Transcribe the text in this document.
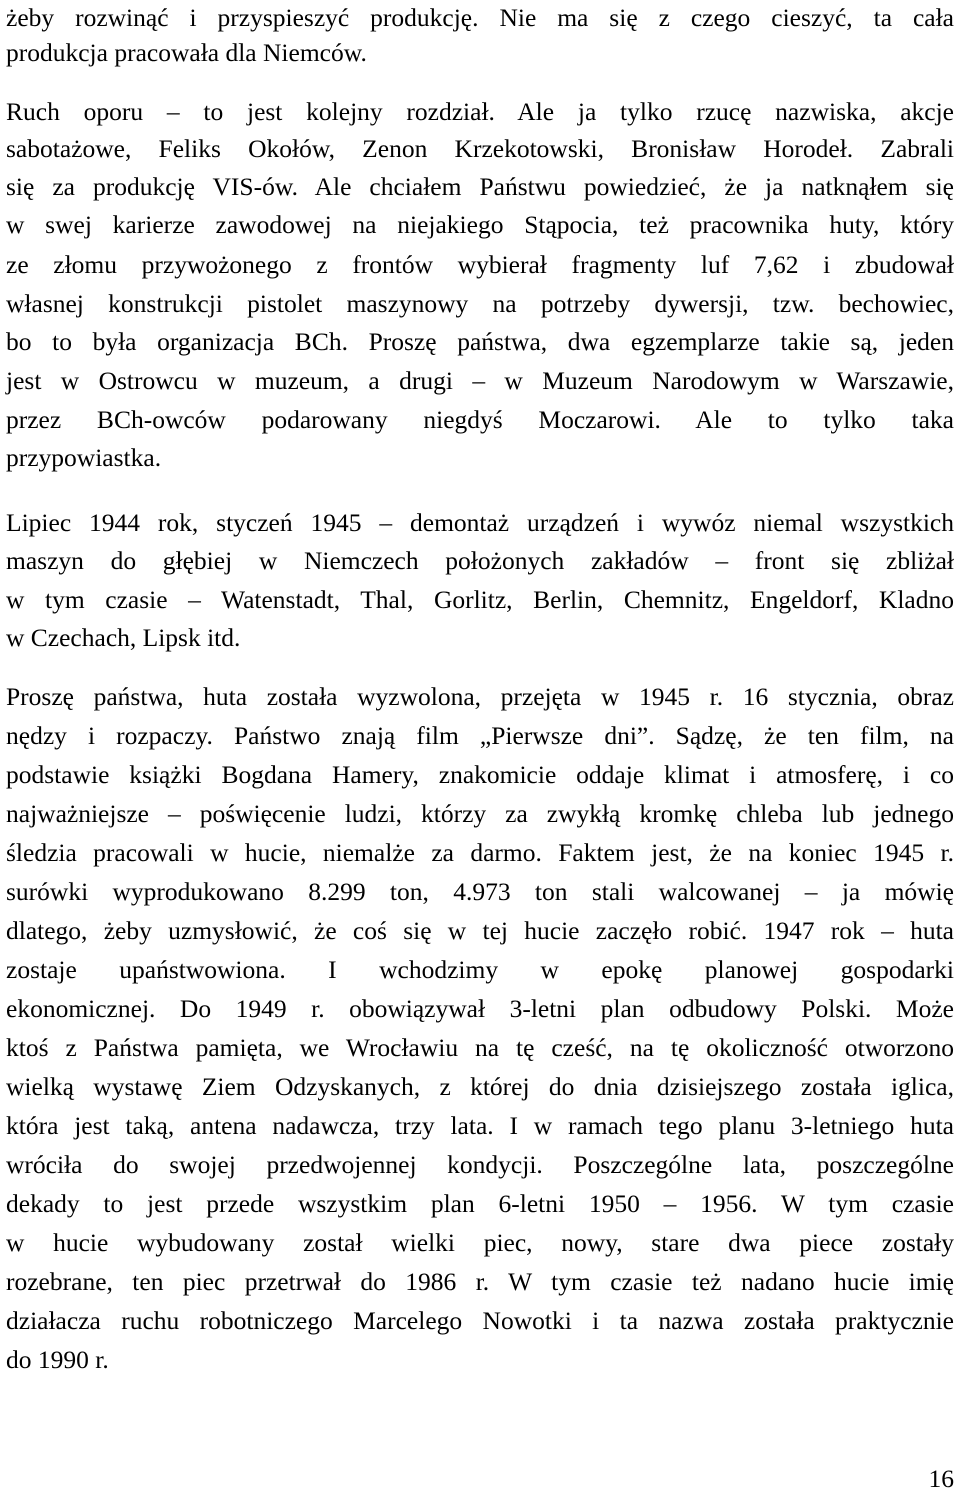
żeby rozwinąć i przyspieszyć produkcję. Nie ma się z czego cieszyć, ta cała
produkcja pracowała dla Niemców.
Ruch oporu – to jest kolejny rozdział. Ale ja tylko rzucę nazwiska, akcje
sabotażowe, Feliks Okołów, Zenon Krzekotowski, Bronisław Horodeł. Zabrali
się za produkcję VIS-ów. Ale chciałem Państwu powiedzieć, że ja natknąłem się
w swej karierze zawodowej na niejakiego Stąpocia, też pracownika huty, który
ze złomu przywożonego z frontów wybierał fragmenty luf 7,62 i zbudował
własnej konstrukcji pistolet maszynowy na potrzeby dywersji, tzw. bechowiec,
bo to była organizacja BCh. Proszę państwa, dwa egzemplarze takie są, jeden
jest w Ostrowcu w muzeum, a drugi – w Muzeum Narodowym w Warszawie,
przez BCh-owców podarowany niegdyś Moczarowi. Ale to tylko taka
przypowiastka.
Lipiec 1944 rok, styczeń 1945 – demontaż urządzeń i wywóz niemal wszystkich
maszyn do głębiej w Niemczech położonych zakładów – front się zbliżał
w tym czasie – Watenstadt, Thal, Gorlitz, Berlin, Chemnitz, Engeldorf, Kladno
w Czechach, Lipsk itd.
Proszę państwa, huta została wyzwolona, przejęta w 1945 r. 16 stycznia, obraz
nędzy i rozpaczy. Państwo znają film „Pierwsze dni”. Sądzę, że ten film, na
podstawie książki Bogdana Hamery, znakomicie oddaje klimat i atmosferę, i co
najważniejsze – poświęcenie ludzi, którzy za zwykłą kromkę chleba lub jednego
śledzia pracowali w hucie, niemalże za darmo. Faktem jest, że na koniec 1945 r.
surówki wyprodukowano 8.299 ton, 4.973 ton stali walcowanej – ja mówię
dlatego, żeby uzmysłowić, że coś się w tej hucie zaczęło robić. 1947 rok – huta
zostaje upaństwowiona. I wchodzimy w epokę planowej gospodarki
ekonomicznej. Do 1949 r. obowiązywał 3-letni plan odbudowy Polski. Może
ktoś z Państwa pamięta, we Wrocławiu na tę cześć, na tę okoliczność otworzono
wielką wystawę Ziem Odzyskanych, z której do dnia dzisiejszego została iglica,
która jest taką, antena nadawcza, trzy lata. I w ramach tego planu 3-letniego huta
wróciła do swojej przedwojennej kondycji. Poszczególne lata, poszczególne
dekady to jest przede wszystkim plan 6-letni 1950 – 1956. W tym czasie
w hucie wybudowany został wielki piec, nowy, stare dwa piece zostały
rozebrane, ten piec przetrwał do 1986 r. W tym czasie też nadano hucie imię
działacza ruchu robotniczego Marcelego Nowotki i ta nazwa została praktycznie
do 1990 r.
16
